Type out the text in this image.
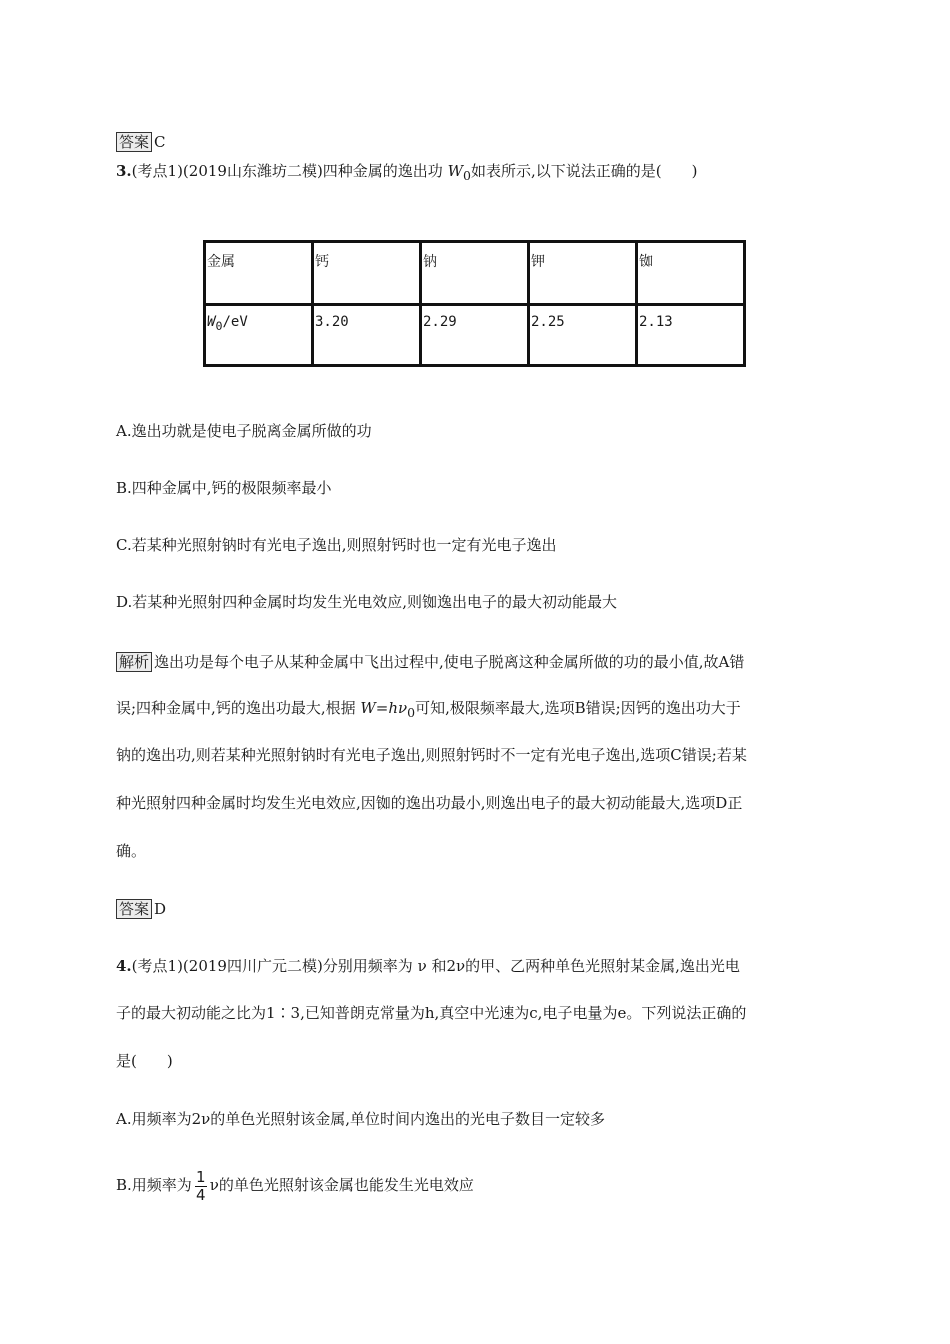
答案 C
3.(考点1)(2019山东潍坊二模)四种金属的逸出功 $W_0$如表所示,以下说法正确的是(　　)
金属	钙	钠	钾	铷
$W_0/eV$	3.20	2.29	2.25	2.13
A.逸出功就是使电子脱离金属所做的功
B.四种金属中,钙的极限频率最小
C.若某种光照射钠时有光电子逸出,则照射钙时也一定有光电子逸出
D.若某种光照射四种金属时均发生光电效应,则铷逸出电子的最大初动能最大
解析 逸出功是每个电子从某种金属中飞出过程中,使电子脱离这种金属所做的功的最小值,故A错
误;四种金属中,钙的逸出功最大,根据 $W=h\nu_0$可知,极限频率最大,选项B错误;因钙的逸出功大于
钠的逸出功,则若某种光照射钠时有光电子逸出,则照射钙时不一定有光电子逸出,选项C错误;若某
种光照射四种金属时均发生光电效应,因铷的逸出功最小,则逸出电子的最大初动能最大,选项D正
确。
答案 D
4.(考点1)(2019四川广元二模)分别用频率为 ν 和2ν的甲、乙两种单色光照射某金属,逸出光电
子的最大初动能之比为1∶3,已知普朗克常量为h,真空中光速为c,电子电量为e。下列说法正确的
是(　　)
A.用频率为2ν的单色光照射该金属,单位时间内逸出的光电子数目一定较多
B.用频率为 $\frac{1}{4}$ ν的单色光照射该金属也能发生光电效应
